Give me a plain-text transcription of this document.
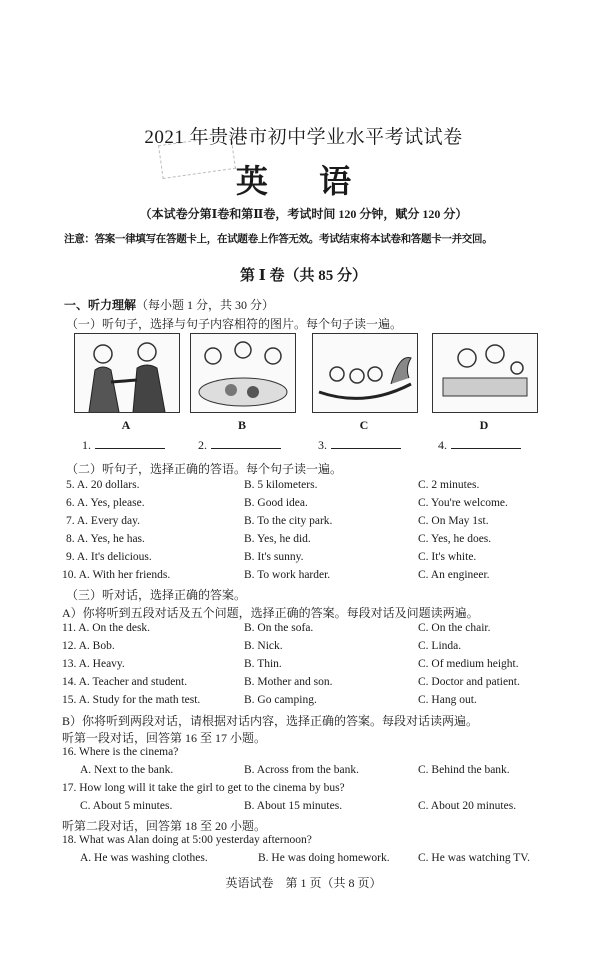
2021 年贵港市初中学业水平考试试卷
英 语
（本试卷分第Ⅰ卷和第Ⅱ卷，考试时间 120 分钟，赋分 120 分）
注意：答案一律填写在答题卡上，在试题卷上作答无效。考试结束将本试卷和答题卡一并交回。
第 Ⅰ 卷（共 85 分）
一、听力理解（每小题 1 分，共 30 分）
（一）听句子，选择与句子内容相符的图片。每个句子读一遍。
A	B	C	D
1.	2.	3.	4.
（二）听句子，选择正确的答语。每个句子读一遍。
5. A. 20 dollars.	B. 5 kilometers.	C. 2 minutes.
6. A. Yes, please.	B. Good idea.	C. You're welcome.
7. A. Every day.	B. To the city park.	C. On May 1st.
8. A. Yes, he has.	B. Yes, he did.	C. Yes, he does.
9. A. It's delicious.	B. It's sunny.	C. It's white.
10. A. With her friends.	B. To work harder.	C. An engineer.
（三）听对话，选择正确的答案。
A）你将听到五段对话及五个问题，选择正确的答案。每段对话及问题读两遍。
11. A. On the desk.	B. On the sofa.	C. On the chair.
12. A. Bob.	B. Nick.	C. Linda.
13. A. Heavy.	B. Thin.	C. Of medium height.
14. A. Teacher and student.	B. Mother and son.	C. Doctor and patient.
15. A. Study for the math test.	B. Go camping.	C. Hang out.
B）你将听到两段对话，请根据对话内容，选择正确的答案。每段对话读两遍。
听第一段对话，回答第 16 至 17 小题。
16. Where is the cinema?
A. Next to the bank.	B. Across from the bank.	C. Behind the bank.
17. How long will it take the girl to get to the cinema by bus?
C. About 5 minutes.	B. About 15 minutes.	C. About 20 minutes.
听第二段对话，回答第 18 至 20 小题。
18. What was Alan doing at 5:00 yesterday afternoon?
A. He was washing clothes.	B. He was doing homework. C. He was watching TV.
英语试卷　第 1 页（共 8 页）
